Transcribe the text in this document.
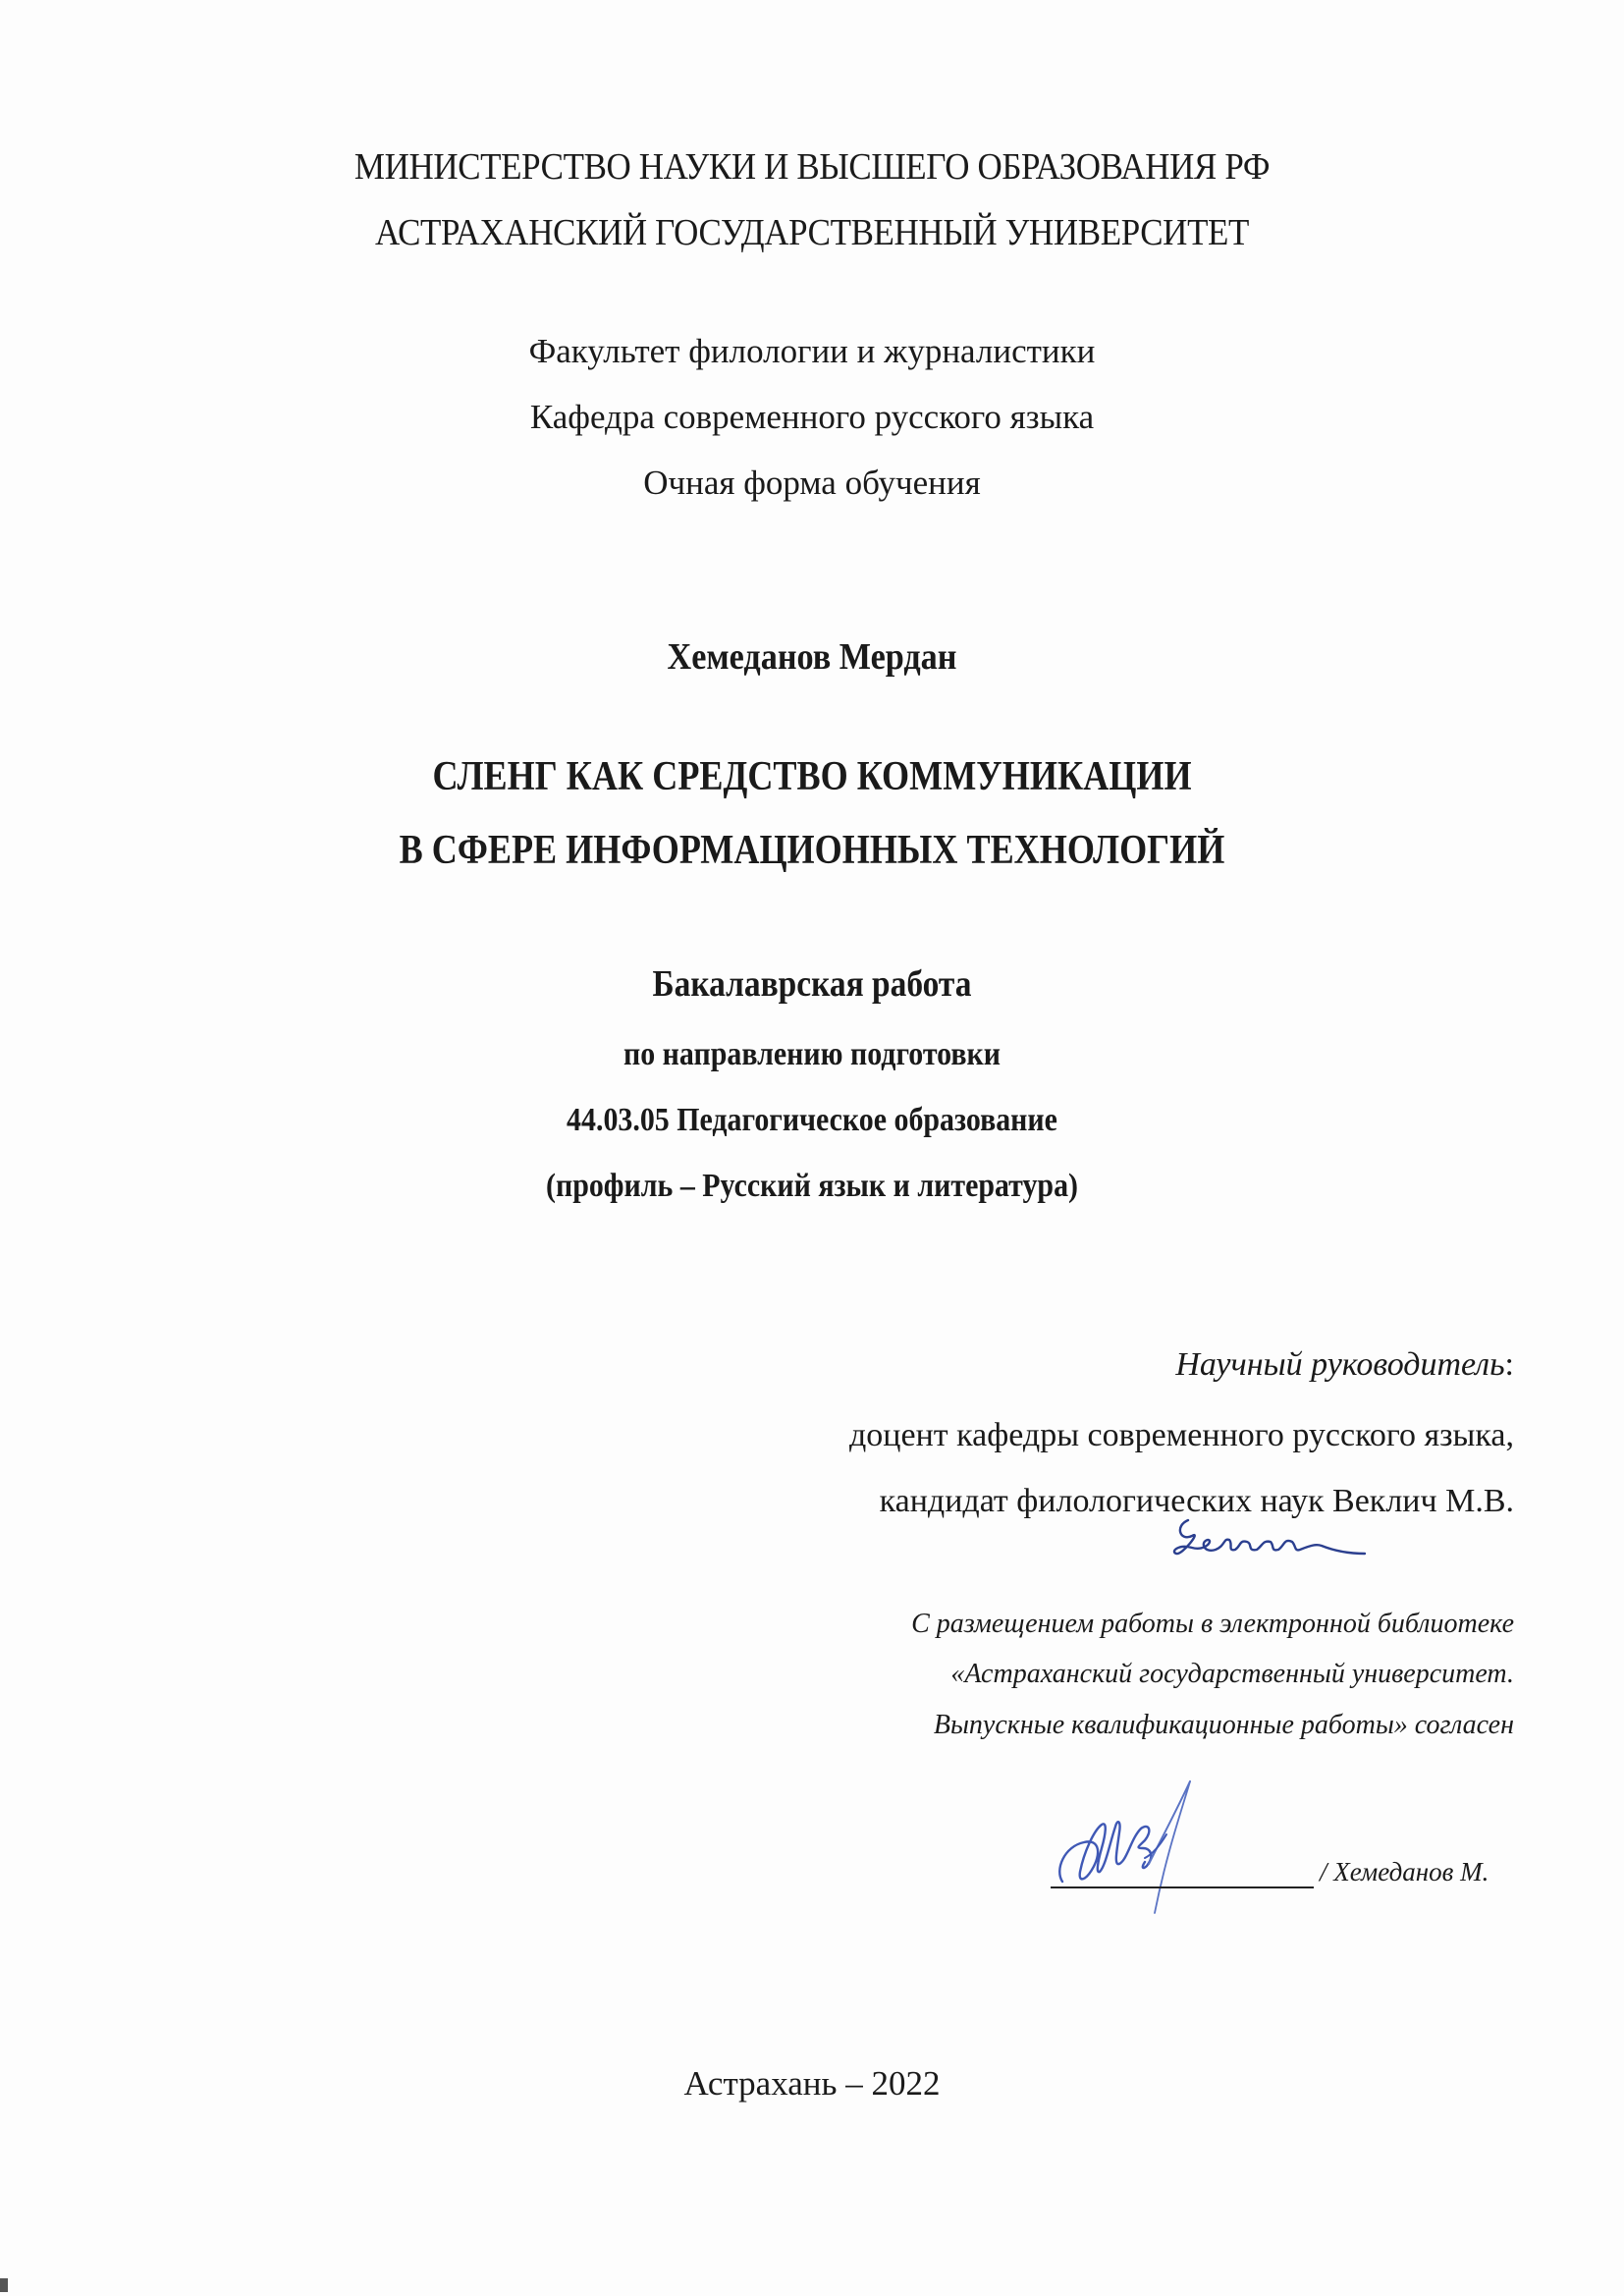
МИНИСТЕРСТВО НАУКИ И ВЫСШЕГО ОБРАЗОВАНИЯ РФ
АСТРАХАНСКИЙ ГОСУДАРСТВЕННЫЙ УНИВЕРСИТЕТ
Факультет филологии и журналистики
Кафедра современного русского языка
Очная форма обучения
Хемеданов Мердан
СЛЕНГ КАК СРЕДСТВО КОММУНИКАЦИИ
В СФЕРЕ ИНФОРМАЦИОННЫХ ТЕХНОЛОГИЙ
Бакалаврская работа
по направлению подготовки
44.03.05 Педагогическое образование
(профиль – Русский язык и литература)
Научный руководитель:
доцент кафедры современного русского языка,
кандидат филологических наук Веклич М.В.
С размещением работы в электронной библиотеке
«Астраханский государственный университет.
Выпускные квалификационные работы» согласен
/ Хемеданов М.
Астрахань – 2022
